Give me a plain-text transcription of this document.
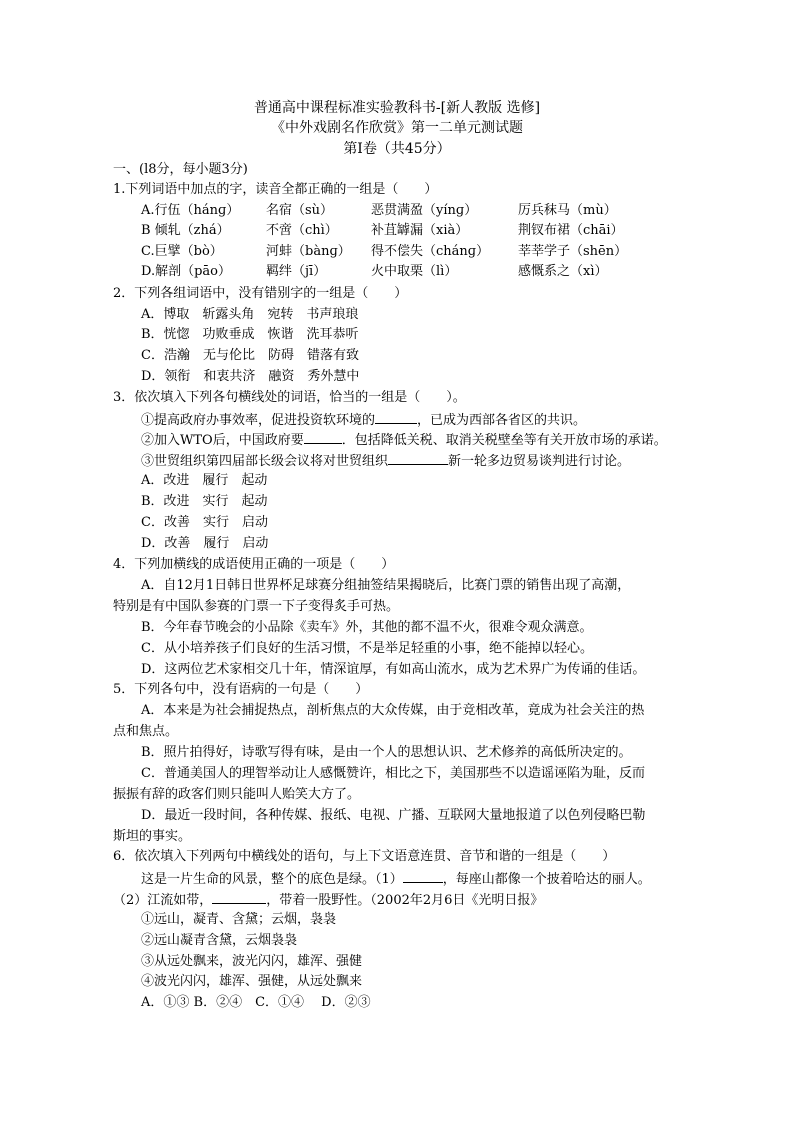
普通高中课程标准实验教科书-[新人教版 选修]
《中外戏剧名作欣赏》第一二单元测试题
第Ⅰ卷（共45分）
一、(l8分，每小题3分)
1.下列词语中加点的字，读音全都正确的一组是（　　）
A.行伍（hánɡ） 名宿（sù）	恶贯满盈（yínɡ）	厉兵秣马（mù）
B 倾轧（zhá）	不啻（chì）	补苴罅漏（xià）	荆钗布裙（chāi）
C.巨擘（bò）	河蚌（bànɡ） 得不偿失（chánɡ） 莘莘学子（shēn）
D.解剖（pāo）	羁绊（jī）	火中取栗（lì）	感慨系之（xì）
2．下列各组词语中，没有错别字的一组是（　　）
A．博取　斩露头角　宛转　书声琅琅
B．恍惚　功败垂成　恢谐　洗耳恭听
C．浩瀚　无与伦比　防碍　错落有致
D．领衔　和衷共济　融资　秀外慧中
3．依次填入下列各句横线处的词语，恰当的一组是（　　）。
①提高政府办事效率，促进投资软环境的	，已成为西部各省区的共识。
②加入WTO后，中国政府要	．包括降低关税、取消关税壁垒等有关开放市场的承诺。
③世贸组织第四届部长级会议将对世贸组织	新一轮多边贸易谈判进行讨论。
A．改进　履行　起动
B．改进　实行　起动
C．改善　实行　启动
D．改善　履行　启动
4．下列加横线的成语使用正确的一项是（　　）
A．自12月1日韩日世界杯足球赛分组抽签结果揭晓后，比赛门票的销售出现了高潮，
特别是有中国队参赛的门票一下子变得炙手可热。
B．今年春节晚会的小品除《卖车》外，其他的都不温不火，很难令观众满意。
C．从小培养孩子们良好的生活习惯，不是举足轻重的小事，绝不能掉以轻心。
D．这两位艺术家相交几十年，情深谊厚，有如高山流水，成为艺术界广为传诵的佳话。
5．下列各句中，没有语病的一句是（　　）
A．本来是为社会捕捉热点，剖析焦点的大众传媒，由于竞相改革，竟成为社会关注的热
点和焦点。
B．照片拍得好，诗歌写得有味，是由一个人的思想认识、艺术修养的高低所决定的。
C．普通美国人的理智举动让人感慨赞许，相比之下，美国那些不以造谣诬陷为耻，反而
振振有辞的政客们则只能叫人贻笑大方了。
D．最近一段时间，各种传媒、报纸、电视、广播、互联网大量地报道了以色列侵略巴勒
斯坦的事实。
6．依次填入下列两句中横线处的语句，与上下文语意连贯、音节和谐的一组是（　　）
这是一片生命的风景，整个的底色是绿。（1）	，每座山都像一个披着哈达的丽人。
（2）江流如带，	，带着一股野性。（2002年2月6日《光明日报》
①远山，凝青、含黛；云烟，袅袅
②远山凝青含黛，云烟袅袅
③从远处飘来，波光闪闪，雄浑、强健
④波光闪闪，雄浑、强健，从远处飘来
A．①③ B．②④　C．①④　 D．②③
